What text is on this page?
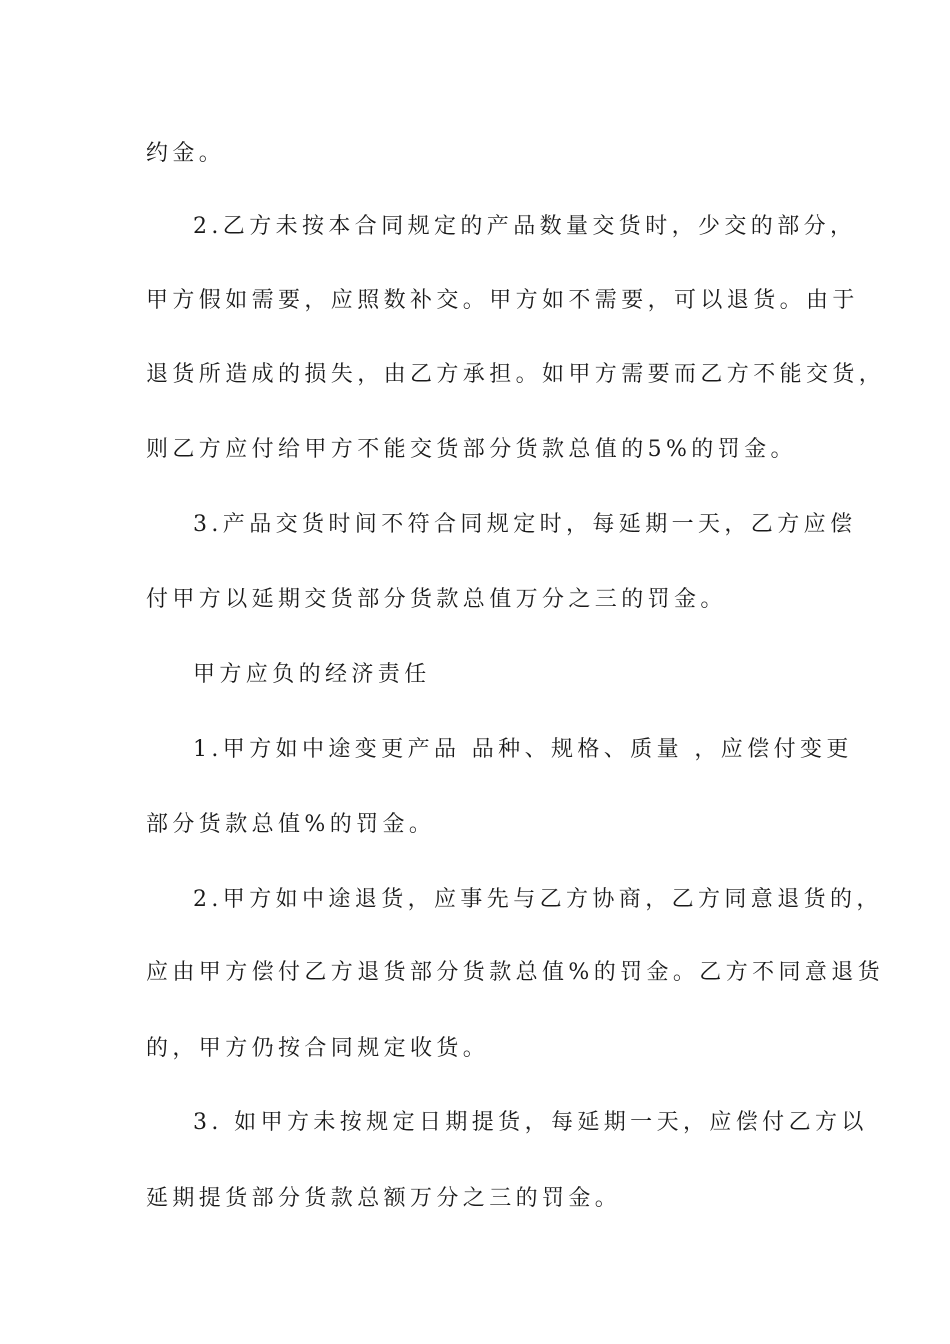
约金。
2.乙方未按本合同规定的产品数量交货时，少交的部分，
甲方假如需要，应照数补交。甲方如不需要，可以退货。由于
退货所造成的损失，由乙方承担。如甲方需要而乙方不能交货，
则乙方应付给甲方不能交货部分货款总值的5%的罚金。
3.产品交货时间不符合同规定时，每延期一天，乙方应偿
付甲方以延期交货部分货款总值万分之三的罚金。
甲方应负的经济责任
1.甲方如中途变更产品 品种、规格、质量 ，应偿付变更
部分货款总值%的罚金。
2.甲方如中途退货，应事先与乙方协商，乙方同意退货的，
应由甲方偿付乙方退货部分货款总值%的罚金。乙方不同意退货
的，甲方仍按合同规定收货。
3. 如甲方未按规定日期提货，每延期一天，应偿付乙方以
延期提货部分货款总额万分之三的罚金。
